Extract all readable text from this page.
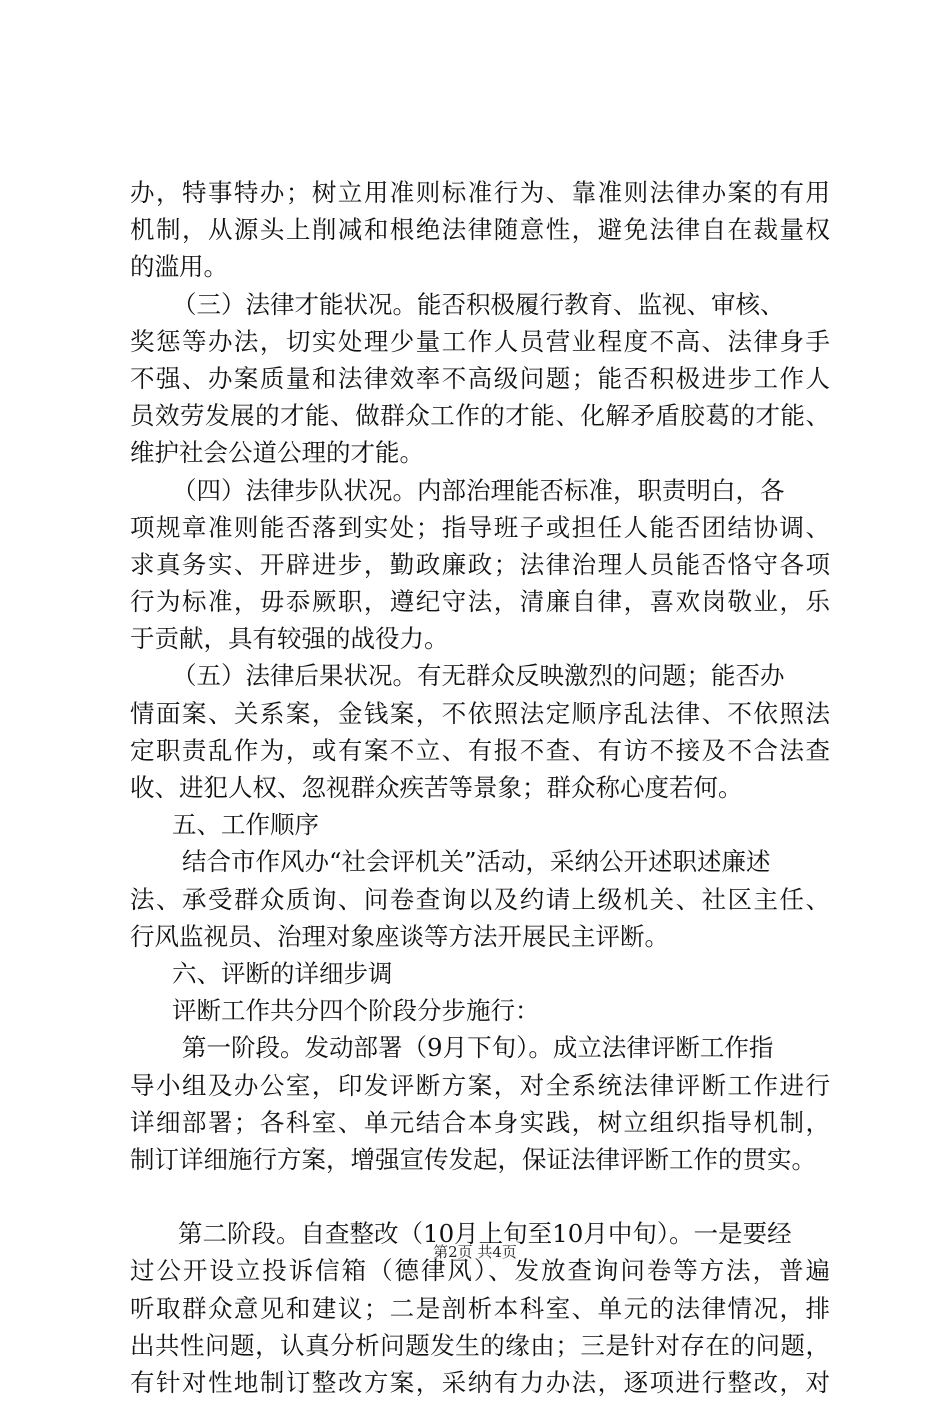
办，特事特办；树立用准则标准行为、靠准则法律办案的有用
机制，从源头上削减和根绝法律随意性，避免法律自在裁量权
的滥用。
（三）法律才能状况。能否积极履行教育、监视、审核、
奖惩等办法，切实处理少量工作人员营业程度不高、法律身手
不强、办案质量和法律效率不高级问题；能否积极进步工作人
员效劳发展的才能、做群众工作的才能、化解矛盾胶葛的才能、
维护社会公道公理的才能。
（四）法律步队状况。内部治理能否标准，职责明白，各
项规章准则能否落到实处；指导班子或担任人能否团结协调、
求真务实、开辟进步，勤政廉政；法律治理人员能否恪守各项
行为标准，毋忝厥职，遵纪守法，清廉自律，喜欢岗敬业，乐
于贡献，具有较强的战役力。
（五）法律后果状况。有无群众反映激烈的问题；能否办
情面案、关系案，金钱案，不依照法定顺序乱法律、不依照法
定职责乱作为，或有案不立、有报不查、有访不接及不合法查
收、进犯人权、忽视群众疾苦等景象；群众称心度若何。
五、工作顺序
结合市作风办“社会评机关”活动，采纳公开述职述廉述
法、承受群众质询、问卷查询以及约请上级机关、社区主任、
行风监视员、治理对象座谈等方法开展民主评断。
六、评断的详细步调
评断工作共分四个阶段分步施行：
第一阶段。发动部署（9月下旬）。成立法律评断工作指
导小组及办公室，印发评断方案，对全系统法律评断工作进行
详细部署；各科室、单元结合本身实践，树立组织指导机制，
制订详细施行方案，增强宣传发起，保证法律评断工作的贯实。
第二阶段。自查整改（10月上旬至10月中旬）。一是要经
过公开设立投诉信箱（德律风）、发放查询问卷等方法，普遍
听取群众意见和建议；二是剖析本科室、单元的法律情况，排
出共性问题，认真分析问题发生的缘由；三是针对存在的问题，
有针对性地制订整改方案，采纳有力办法，逐项进行整改，对
第2页 共4页
